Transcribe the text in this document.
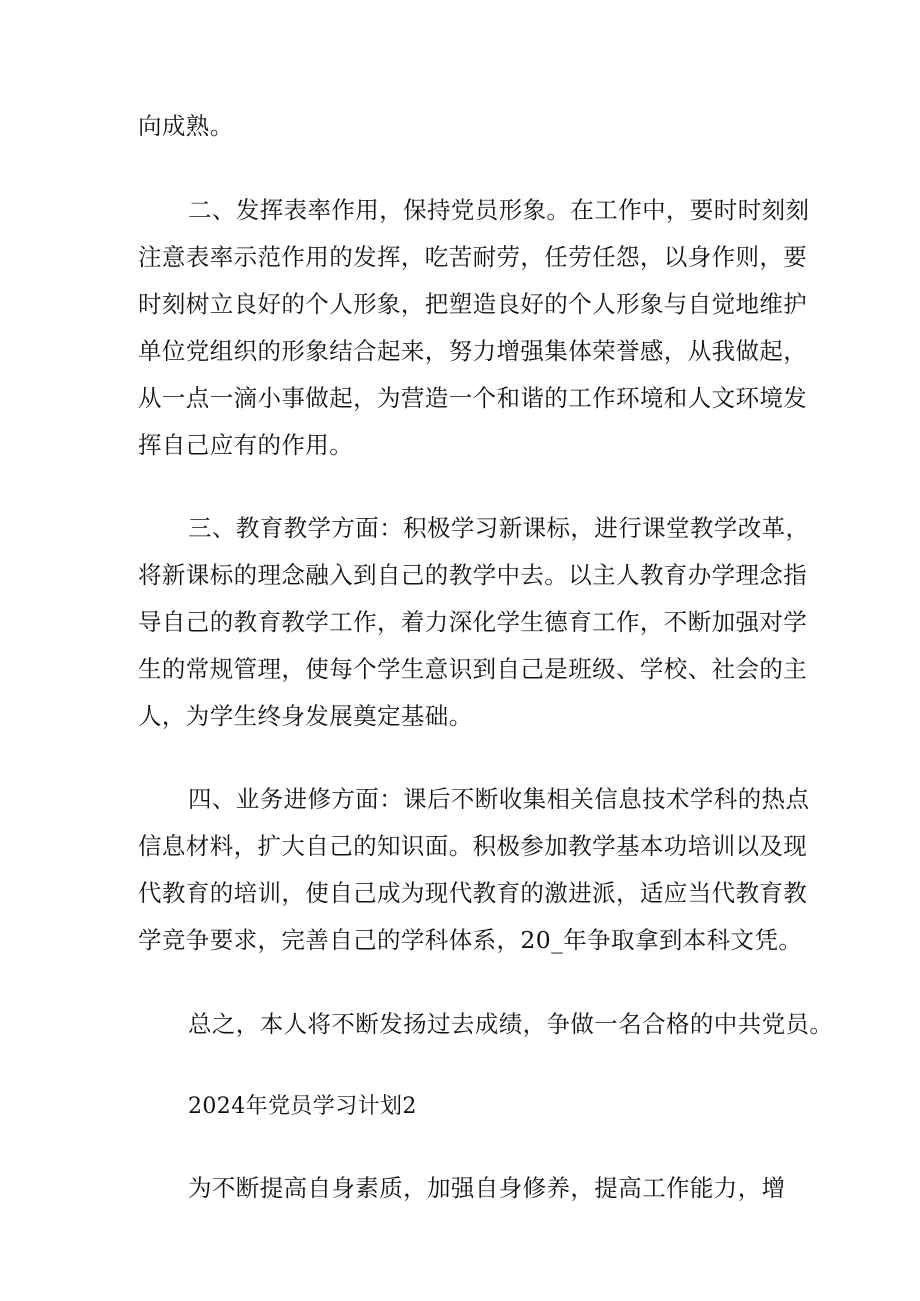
向成熟。
二、发挥表率作用，保持党员形象。在工作中，要时时刻刻
注意表率示范作用的发挥，吃苦耐劳，任劳任怨，以身作则，要
时刻树立良好的个人形象，把塑造良好的个人形象与自觉地维护
单位党组织的形象结合起来，努力增强集体荣誉感，从我做起，
从一点一滴小事做起，为营造一个和谐的工作环境和人文环境发
挥自己应有的作用。
三、教育教学方面：积极学习新课标，进行课堂教学改革，
将新课标的理念融入到自己的教学中去。以主人教育办学理念指
导自己的教育教学工作，着力深化学生德育工作，不断加强对学
生的常规管理，使每个学生意识到自己是班级、学校、社会的主
人，为学生终身发展奠定基础。
四、业务进修方面：课后不断收集相关信息技术学科的热点
信息材料，扩大自己的知识面。积极参加教学基本功培训以及现
代教育的培训，使自己成为现代教育的激进派，适应当代教育教
学竞争要求，完善自己的学科体系，20_年争取拿到本科文凭。
总之，本人将不断发扬过去成绩，争做一名合格的中共党员。
2024年党员学习计划2
为不断提高自身素质，加强自身修养，提高工作能力，增
